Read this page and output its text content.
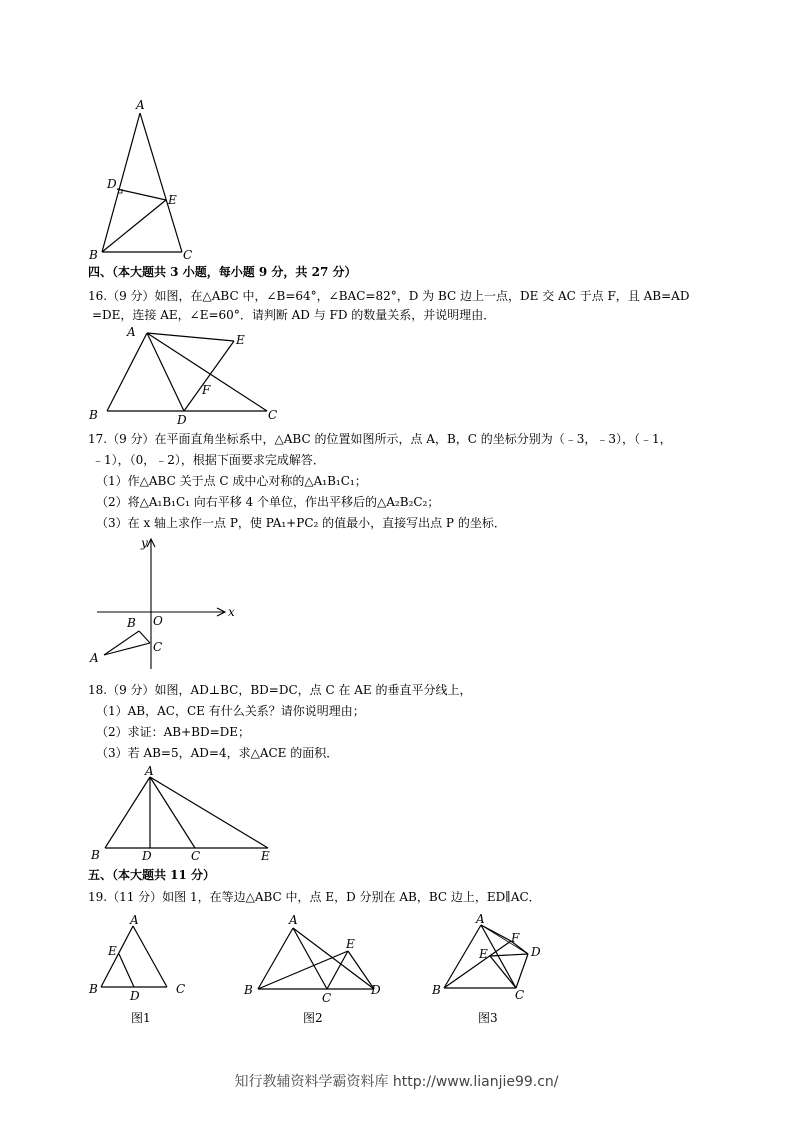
A
D
E
B	C
四、（本大题共 3 小题，每小题 9 分，共 27 分）
16.（9 分）如图，在△ABC 中，∠B=64°，∠BAC=82°，D 为 BC 边上一点，DE 交 AC 于点 F，且 AB=AD
=DE，连接 AE，∠E=60°．请判断 AD 与 FD 的数量关系，并说明理由．
A
E
F
B	D	C
17.（9 分）在平面直角坐标系中，△ABC 的位置如图所示，点 A，B，C 的坐标分别为（﹣3，﹣3），（﹣1，
﹣1），（0，﹣2），根据下面要求完成解答．
（1）作△ABC 关于点 C 成中心对称的△A₁B₁C₁；
（2）将△A₁B₁C₁ 向右平移 4 个单位，作出平移后的△A₂B₂C₂；
（3）在 x 轴上求作一点 P，使 PA₁+PC₂ 的值最小，直接写出点 P 的坐标．
y
x
O
B
C
A
18.（9 分）如图，AD⊥BC，BD=DC，点 C 在 AE 的垂直平分线上，
（1）AB，AC，CE 有什么关系？请你说明理由；
（2）求证：AB+BD=DE；
（3）若 AB=5，AD=4，求△ACE 的面积．
A
B	D	C	E
五、（本大题共 11 分）
19.（11 分）如图 1，在等边△ABC 中，点 E，D 分别在 AB，BC 边上，ED∥AC．
A
E
B	D	C
图1
A
E
B
C
D
图2
A
F
E	D
B	C
图3
知行教辅资料学霸资料库 http://www.lianjie99.cn/
